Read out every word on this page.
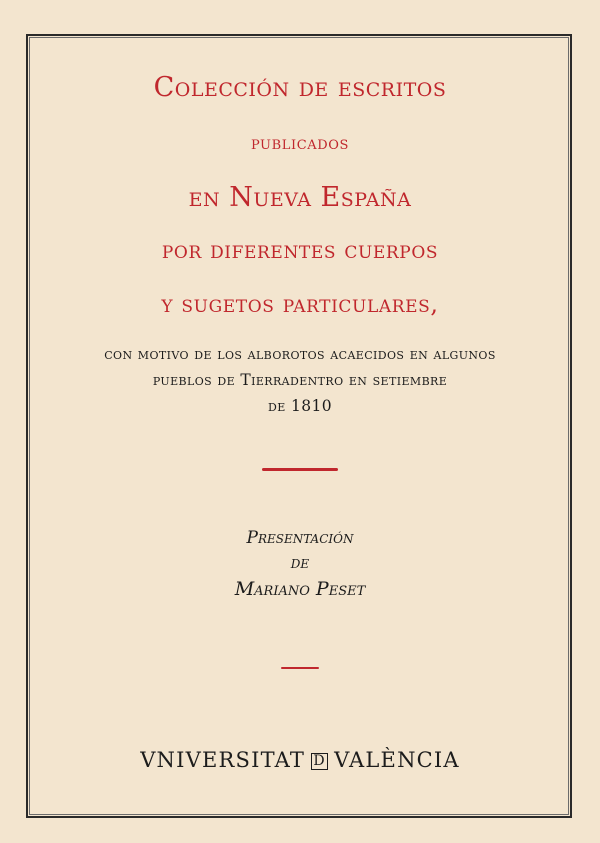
Colección de escritos
publicados
en Nueva España
por diferentes cuerpos
y sugetos particulares,
con motivo de los alborotos acaecidos en algunos
pueblos de Tierradentro en setiembre
de 1810
Presentación
de
Mariano Peset
VNIVERSITAT D VALÈNCIA
